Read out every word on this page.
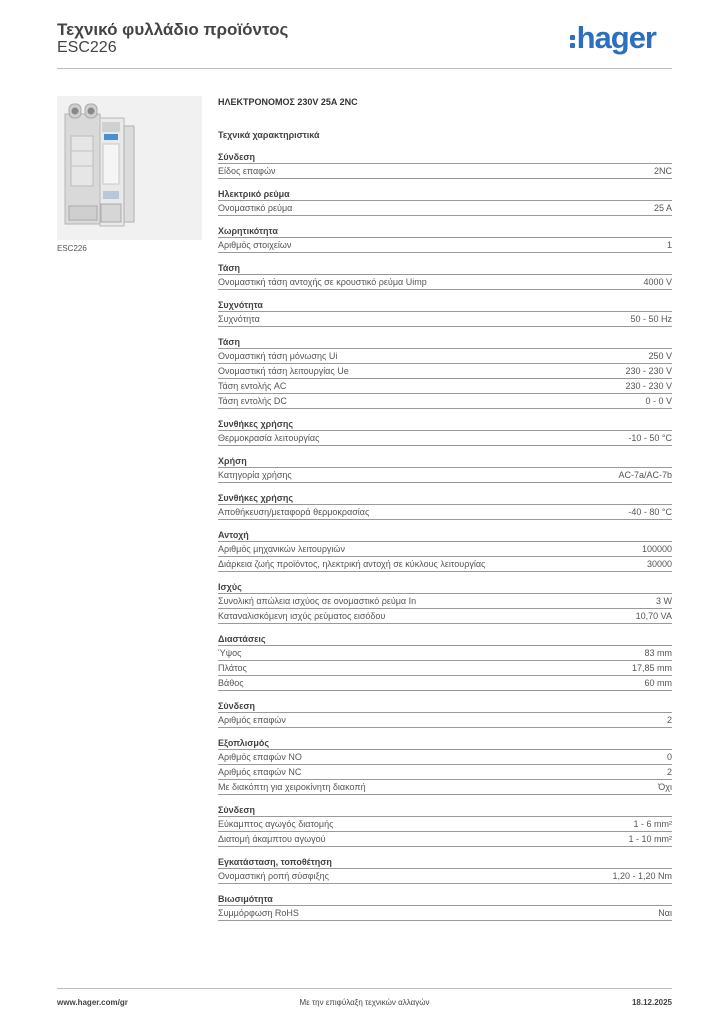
Τεχνικό φυλλάδιο προϊόντος
ESC226	hager
ESC226
ΗΛΕΚΤΡΟΝΟΜΟΣ 230V 25A 2NC
Τεχνικά χαρακτηριστικά
Σύνδεση
Είδος επαφών	2NC
Ηλεκτρικό ρεύμα
Ονομαστικό ρεύμα	25 A
Χωρητικότητα
Αριθμός στοιχείων	1
Τάση
Ονομαστική τάση αντοχής σε κρουστικό ρεύμα Uimp	4000 V
Συχνότητα
Συχνότητα	50 - 50 Hz
Τάση
Ονομαστική τάση μόνωσης Ui	250 V
Ονομαστική τάση λειτουργίας Ue	230 - 230 V
Τάση εντολής AC	230 - 230 V
Τάση εντολής DC	0 - 0 V
Συνθήκες χρήσης
Θερμοκρασία λειτουργίας	-10 - 50 °C
Χρήση
Κατηγορία χρήσης	AC-7a/AC-7b
Συνθήκες χρήσης
Αποθήκευση/μεταφορά θερμοκρασίας	-40 - 80 °C
Αντοχή
Αριθμός μηχανικών λειτουργιών	100000
Διάρκεια ζωής προϊόντος, ηλεκτρική αντοχή σε κύκλους λειτουργίας	30000
Ισχύς
Συνολική απώλεια ισχύος σε ονομαστικό ρεύμα In	3 W
Καταναλισκόμενη ισχύς ρεύματος εισόδου	10,70 VA
Διαστάσεις
Ύψος	83 mm
Πλάτος	17,85 mm
Βάθος	60 mm
Σύνδεση
Αριθμός επαφών	2
Εξοπλισμός
Αριθμός επαφών NO	0
Αριθμός επαφών NC	2
Με διακόπτη για χειροκίνητη διακοπή	Όχι
Σύνδεση
Εύκαμπτος αγωγός διατομής	1 - 6 mm²
Διατομή άκαμπτου αγωγού	1 - 10 mm²
Εγκατάσταση, τοποθέτηση
Ονομαστική ροπή σύσφιξης	1,20 - 1,20 Nm
Βιωσιμότητα
Συμμόρφωση RoHS	Ναι
www.hager.com/gr	Με την επιφύλαξη τεχνικών αλλαγών	18.12.2025
